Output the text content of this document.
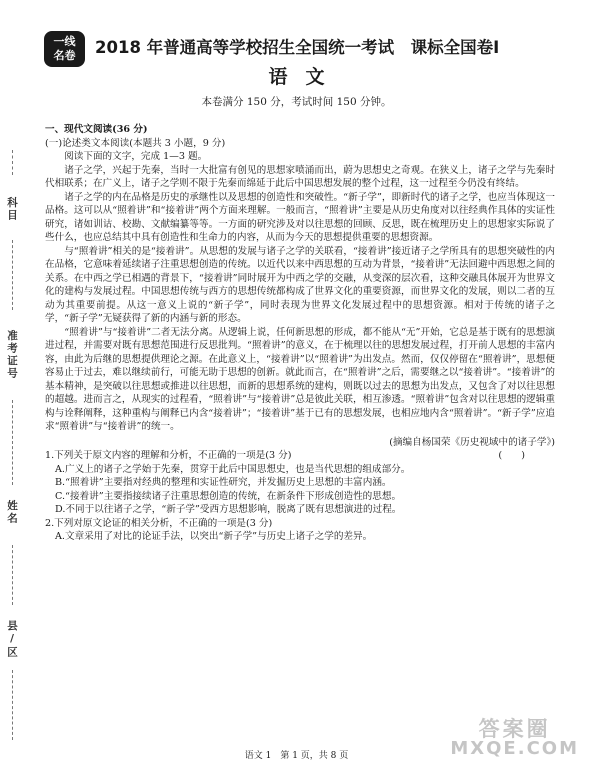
一线
名卷 2018 年普通高等学校招生全国统一考试　课标全国卷Ⅰ
语文
本卷满分 150 分，考试时间 150 分钟。
科目
准考证号
姓名
县/区

一、现代文阅读(36 分)

(一)论述类文本阅读(本题共 3 小题，9 分)

阅读下面的文字，完成 1—3 题。

诸子之学，兴起于先秦，当时一大批富有创见的思想家喷涌而出，蔚为思想史之奇观。在狭义上，诸子之学与先秦时代相联系；在广义上，诸子之学则不限于先秦而绵延于此后中国思想发展的整个过程，这一过程至今仍没有终结。

诸子之学的内在品格是历史的承继性以及思想的创造性和突破性。“新子学”，即新时代的诸子之学，也应当体现这一品格。这可以从“照着讲”和“接着讲”两个方面来理解。一般而言，“照着讲”主要是从历史角度对以往经典作具体的实证性研究，诸如训诂、校勘、文献编纂等等。一方面的研究涉及对以往思想的回顾、反思，既在梳理历史上的思想家实际说了些什么，也应总结其中具有创造性和生命力的内容，从而为今天的思想提供重要的思想资源。

与“照着讲”相关的是“接着讲”。从思想的发展与诸子之学的关联看，“接着讲”接近诸子之学所具有的思想突破性的内在品格，它意味着延续诸子注重思想创造的传统。以近代以来中西思想的互动为背景，“接着讲”无法回避中西思想之间的关系。在中西之学已相遇的背景下，“接着讲”同时展开为中西之学的交融，从变深的层次看，这种交融具体展开为世界文化的建构与发展过程。中国思想传统与西方的思想传统都构成了世界文化的重要资源，而世界文化的发展，则以二者的互动为其重要前提。从这一意义上说的“新子学”，同时表现为世界文化发展过程中的思想资源。相对于传统的诸子之学，“新子学”无疑获得了新的内涵与新的形态。

“照着讲”与“接着讲”二者无法分离。从逻辑上说，任何新思想的形成，都不能从“无”开始，它总是基于既有的思想演进过程，并需要对既有思想范围进行反思批判。“照着讲”的意义，在于梳理以往的思想发展过程，打开前人思想的丰富内容，由此为后继的思想提供理论之源。在此意义上，“接着讲”以“照着讲”为出发点。然而，仅仅停留在“照着讲”，思想便容易止于过去，难以继续前行，可能无助于思想的创新。就此而言，在“照着讲”之后，需要继之以“接着讲”。“接着讲”的基本精神，是突破以往思想或推进以往思想，而新的思想系统的建构，则既以过去的思想为出发点，又包含了对以往思想的超越。进而言之，从现实的过程看，“照着讲”与“接着讲”总是彼此关联，相互渗透。“照着讲”包含对以往思想的逻辑重构与诠释阐释，这种重构与阐释已内含“接着讲”；“接着讲”基于已有的思想发展，也相应地内含“照着讲”。“新子学”应追求“照着讲”与“接着讲”的统一。

(摘编自杨国荣《历史视域中的诸子学》)

1.下列关于原文内容的理解和分析，不正确的一项是(3 分)	(　　)

A.广义上的诸子之学始于先秦，贯穿于此后中国思想史，也是当代思想的组成部分。

B.“照着讲”主要指对经典的整理和实证性研究，并发掘历史上思想的丰富内涵。

C.“接着讲”主要指接续诸子注重思想创造的传统，在新条件下形成创造性的思想。

D.不同于以往诸子之学，“新子学”受西方思想影响，脱离了既有思想演进的过程。

2.下列对原文论证的相关分析，不正确的一项是(3 分)

A.文章采用了对比的论证手法，以突出“新子学”与历史上诸子之学的差异。

答案圈
MXQE.COM
语文 1　第 1 页，共 8 页
